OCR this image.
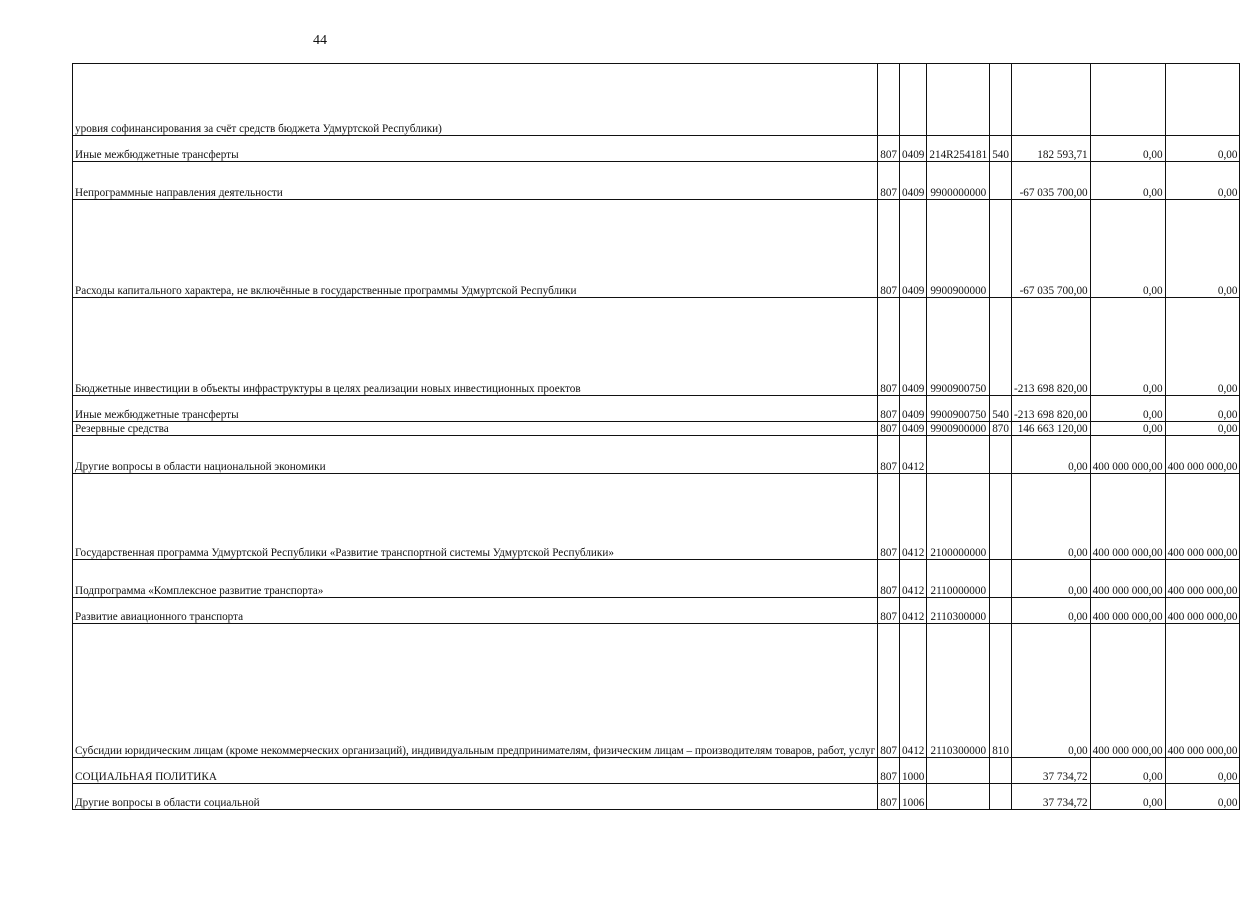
44
уровия софинансирования за счёт средств бюджета Удмуртской Республики)							
Иные межбюджетные трансферты	807	0409	214R254181	540	182 593,71	0,00	0,00
Непрограммные направления деятельности	807	0409	9900000000		-67 035 700,00	0,00	0,00
Расходы капитального характера, не включённые в государственные программы Удмуртской Республики	807	0409	9900900000		-67 035 700,00	0,00	0,00
Бюджетные инвестиции в объекты инфраструктуры в целях реализации новых инвестиционных проектов	807	0409	9900900750		-213 698 820,00	0,00	0,00
Иные межбюджетные трансферты	807	0409	9900900750	540	-213 698 820,00	0,00	0,00
Резервные средства	807	0409	9900900000	870	146 663 120,00	0,00	0,00
Другие вопросы в области национальной экономики	807	0412			0,00	400 000 000,00	400 000 000,00
Государственная программа Удмуртской Республики «Развитие транспортной системы Удмуртской Республики»	807	0412	2100000000		0,00	400 000 000,00	400 000 000,00
Подпрограмма «Комплексное развитие транспорта»	807	0412	2110000000		0,00	400 000 000,00	400 000 000,00
Развитие авиационного транспорта	807	0412	2110300000		0,00	400 000 000,00	400 000 000,00
Субсидии юридическим лицам (кроме некоммерческих организаций), индивидуальным предпринимателям, физическим лицам – производителям товаров, работ, услуг	807	0412	2110300000	810	0,00	400 000 000,00	400 000 000,00
СОЦИАЛЬНАЯ ПОЛИТИКА	807	1000			37 734,72	0,00	0,00
Другие вопросы в области социальной	807	1006			37 734,72	0,00	0,00
